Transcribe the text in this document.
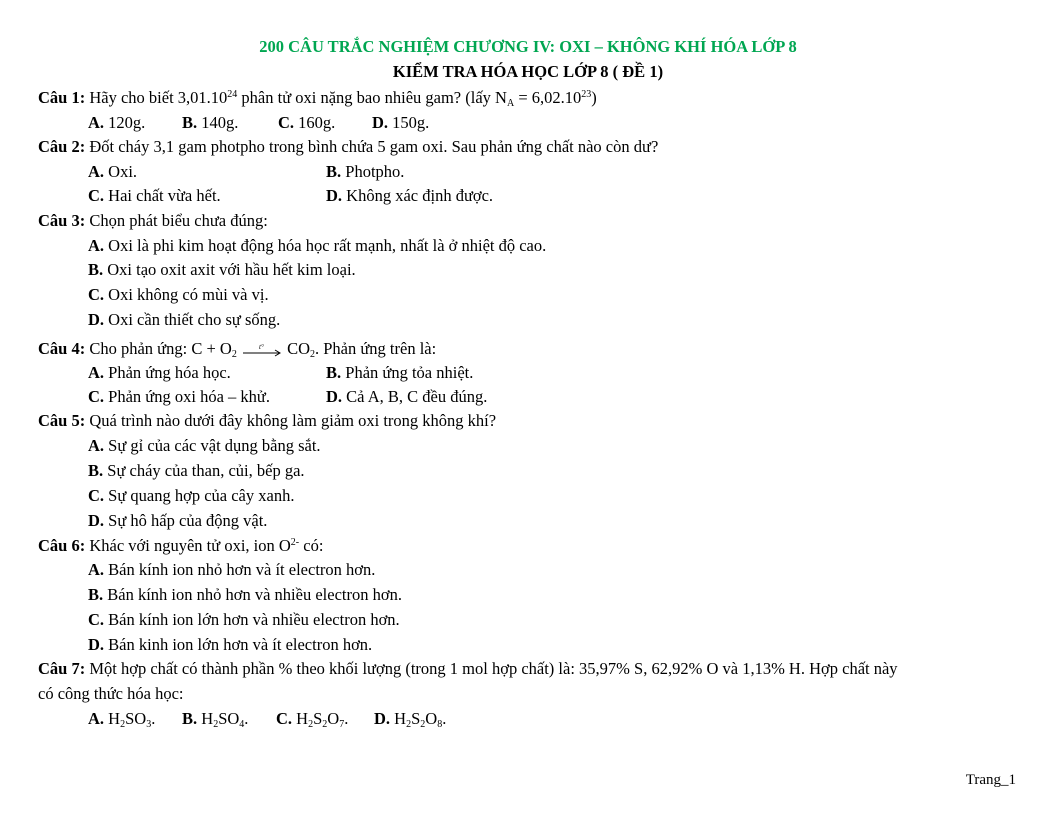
200 CÂU TRẮC NGHIỆM CHƯƠNG IV: OXI – KHÔNG KHÍ HÓA LỚP 8
KIỂM TRA HÓA HỌC LỚP 8 ( ĐỀ 1)
Câu 1: Hãy cho biết 3,01.10$^{24}$ phân tử oxi nặng bao nhiêu gam? (lấy $N_A = 6,02.10^{23}$)
A. 120g. B. 140g. C. 160g. D. 150g.
Câu 2: Đốt cháy 3,1 gam photpho trong bình chứa 5 gam oxi. Sau phản ứng chất nào còn dư?
A. Oxi.	B. Photpho.
C. Hai chất vừa hết.	D. Không xác định được.
Câu 3: Chọn phát biểu chưa đúng:
A. Oxi là phi kim hoạt động hóa học rất mạnh, nhất là ở nhiệt độ cao.
B. Oxi tạo oxit axit với hầu hết kim loại.
C. Oxi không có mùi và vị.
D. Oxi cần thiết cho sự sống.
Câu 4: Cho phản ứng: $C + O_2$
t° $CO_2$. Phản ứng trên là:
A. Phản ứng hóa học.	B. Phản ứng tỏa nhiệt.
C. Phản ứng oxi hóa – khử.	D. Cả A, B, C đều đúng.
Câu 5: Quá trình nào dưới đây không làm giảm oxi trong không khí?
A. Sự gỉ của các vật dụng bằng sắt.
B. Sự cháy của than, củi, bếp ga.
C. Sự quang hợp của cây xanh.
D. Sự hô hấp của động vật.
Câu 6: Khác với nguyên tử oxi, ion $O^{2-}$ có:
A. Bán kính ion nhỏ hơn và ít electron hơn.
B. Bán kính ion nhỏ hơn và nhiều electron hơn.
C. Bán kính ion lớn hơn và nhiều electron hơn.
D. Bán kinh ion lớn hơn và ít electron hơn.
Câu 7: Một hợp chất có thành phần % theo khối lượng (trong 1 mol hợp chất) là: 35,97% S, 62,92% O và 1,13% H. Hợp chất này
có công thức hóa học:
A. $H_2SO_3$. B. $H_2SO_4$. C. $H_2S_2O_7$. D. $H_2S_2O_8$.
Trang_1
